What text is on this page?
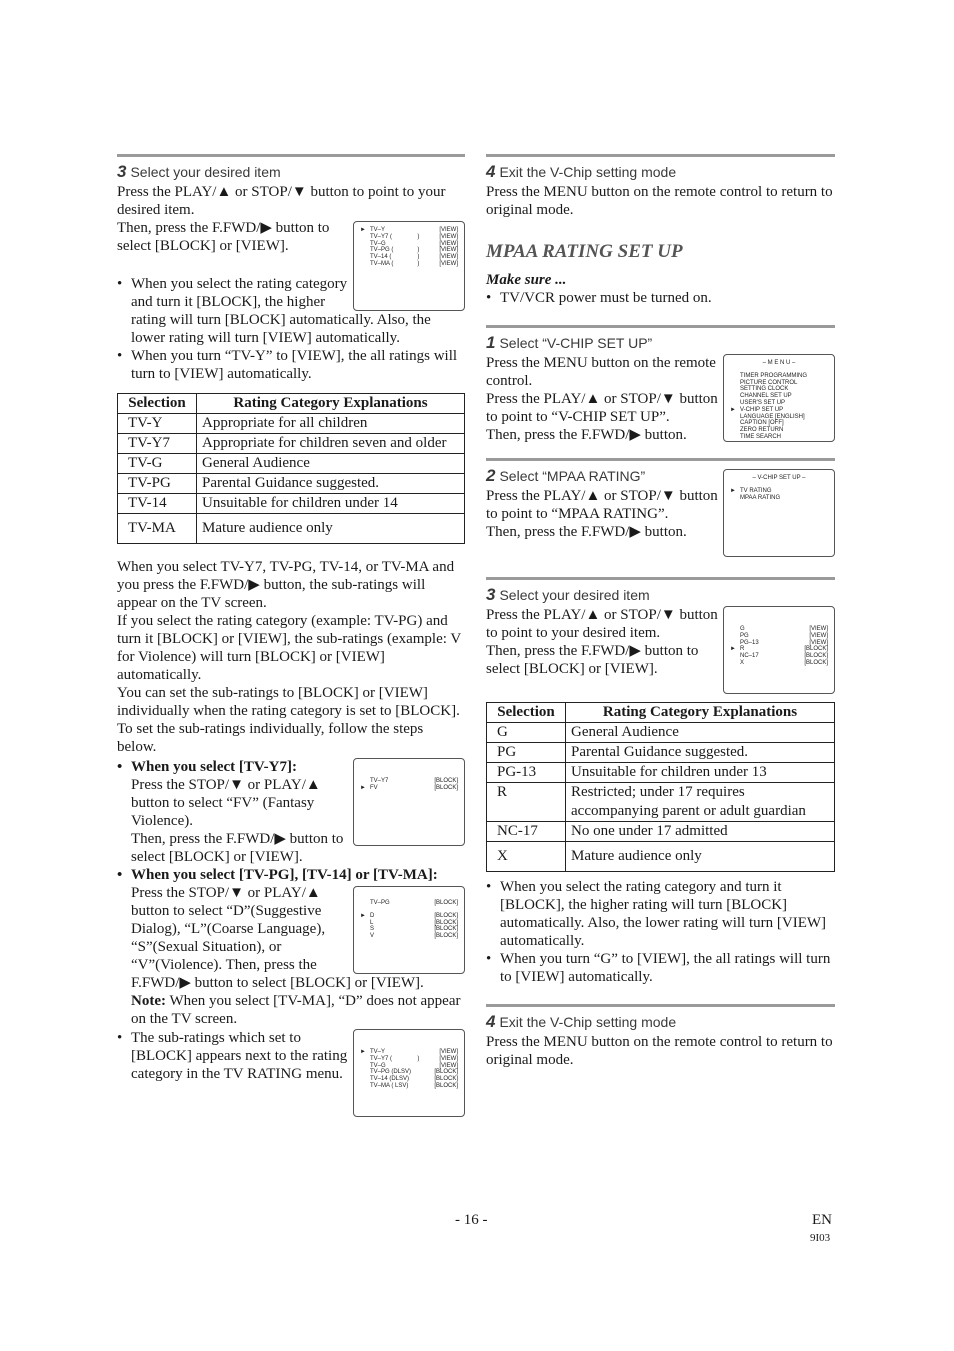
3 Select your desired item

Press the PLAY/▲ or STOP/▼ button to point to your desired item.

► TV–Y	[VIEW]
TV–Y7 (	)	[VIEW]
TV–G	[VIEW]
TV–PG (	)	[VIEW]
TV–14 (	)	[VIEW]
TV–MA (	)	[VIEW]

Then, press the F.FWD/▶ button to select [BLOCK] or [VIEW].

• When you select the rating category and turn it [BLOCK], the higher rating will turn [BLOCK] automatically. Also, the lower rating will turn [VIEW] automatically.

• When you turn “TV-Y” to [VIEW], the all ratings will turn to [VIEW] automatically.

Selection	Rating Category Explanations
TV-Y	Appropriate for all children
TV-Y7	Appropriate for children seven and older
TV-G	General Audience
TV-PG	Parental Guidance suggested.
TV-14	Unsuitable for children under 14
TV-MA	Mature audience only

When you select TV-Y7, TV-PG, TV-14, or TV-MA and you press the F.FWD/▶ button, the sub-ratings will appear on the TV screen.

If you select the rating category (example: TV-PG) and turn it [BLOCK] or [VIEW], the sub-ratings (example: V for Violence) will turn [BLOCK] or [VIEW] automatically.

You can set the sub-ratings to [BLOCK] or [VIEW] individually when the rating category is set to [BLOCK].

To set the sub-ratings individually, follow the steps below.

TV–Y7	[BLOCK]
► FV	[BLOCK]

• When you select [TV-Y7]:

Press the STOP/▼ or PLAY/▲ button to select “FV” (Fantasy Violence).

Then, press the F.FWD/▶ button to select [BLOCK] or [VIEW].

• When you select [TV-PG], [TV-14] or [TV-MA]:

TV–PG	[BLOCK]
► D	[BLOCK]
L	[BLOCK]
S	[BLOCK]
V	[BLOCK]

Press the STOP/▼ or PLAY/▲ button to select “D”(Suggestive Dialog), “L”(Coarse Language), “S”(Sexual Situation), or “V”(Violence). Then, press the F.FWD/▶ button to select [BLOCK] or [VIEW].

Note: When you select [TV-MA], “D” does not appear on the TV screen.

► TV–Y	[VIEW]
TV–Y7 (	)	[VIEW]
TV–G	[VIEW]
TV–PG (DLSV)	[BLOCK]
TV–14 (DLSV)	[BLOCK]
TV–MA ( LSV)	[BLOCK]

• The sub-ratings which set to [BLOCK] appears next to the rating category in the TV RATING menu.

4 Exit the V-Chip setting mode

Press the MENU button on the remote control to return to original mode.

MPAA RATING SET UP

Make sure ...

• TV/VCR power must be turned on.

1 Select “V-CHIP SET UP”
– M E N U –
TIMER PROGRAMMING
PICTURE CONTROL
SETTING CLOCK
CHANNEL SET UP
USER'S SET UP
► V-CHIP SET UP
LANGUAGE [ENGLISH]
CAPTION [OFF]
ZERO RETURN
TIME SEARCH

Press the MENU button on the remote control.

Press the PLAY/▲ or STOP/▼ button to point to “V-CHIP SET UP”.

Then, press the F.FWD/▶ button.

2 Select “MPAA RATING”	– V-CHIP SET UP –
► TV RATING
MPAA RATING

Press the PLAY/▲ or STOP/▼ button to point to “MPAA RATING”.

Then, press the F.FWD/▶ button.

3 Select your desired item
G	[VIEW]
PG	[VIEW]
PG–13	[VIEW]
► R	[BLOCK]
NC–17	[BLOCK]
X	[BLOCK]

Press the PLAY/▲ or STOP/▼ button to point to your desired item.

Then, press the F.FWD/▶ button to select [BLOCK] or [VIEW].

Selection	Rating Category Explanations
G	General Audience
PG	Parental Guidance suggested.
PG-13	Unsuitable for children under 13
R	Restricted; under 17 requires accompanying parent or adult guardian
NC-17	No one under 17 admitted
X	Mature audience only

• When you select the rating category and turn it [BLOCK], the higher rating will turn [BLOCK] automatically. Also, the lower rating will turn [VIEW] automatically.

• When you turn “G” to [VIEW], the all ratings will turn to [VIEW] automatically.

4 Exit the V-Chip setting mode

Press the MENU button on the remote control to return to original mode.

- 16 -	EN
9I03
